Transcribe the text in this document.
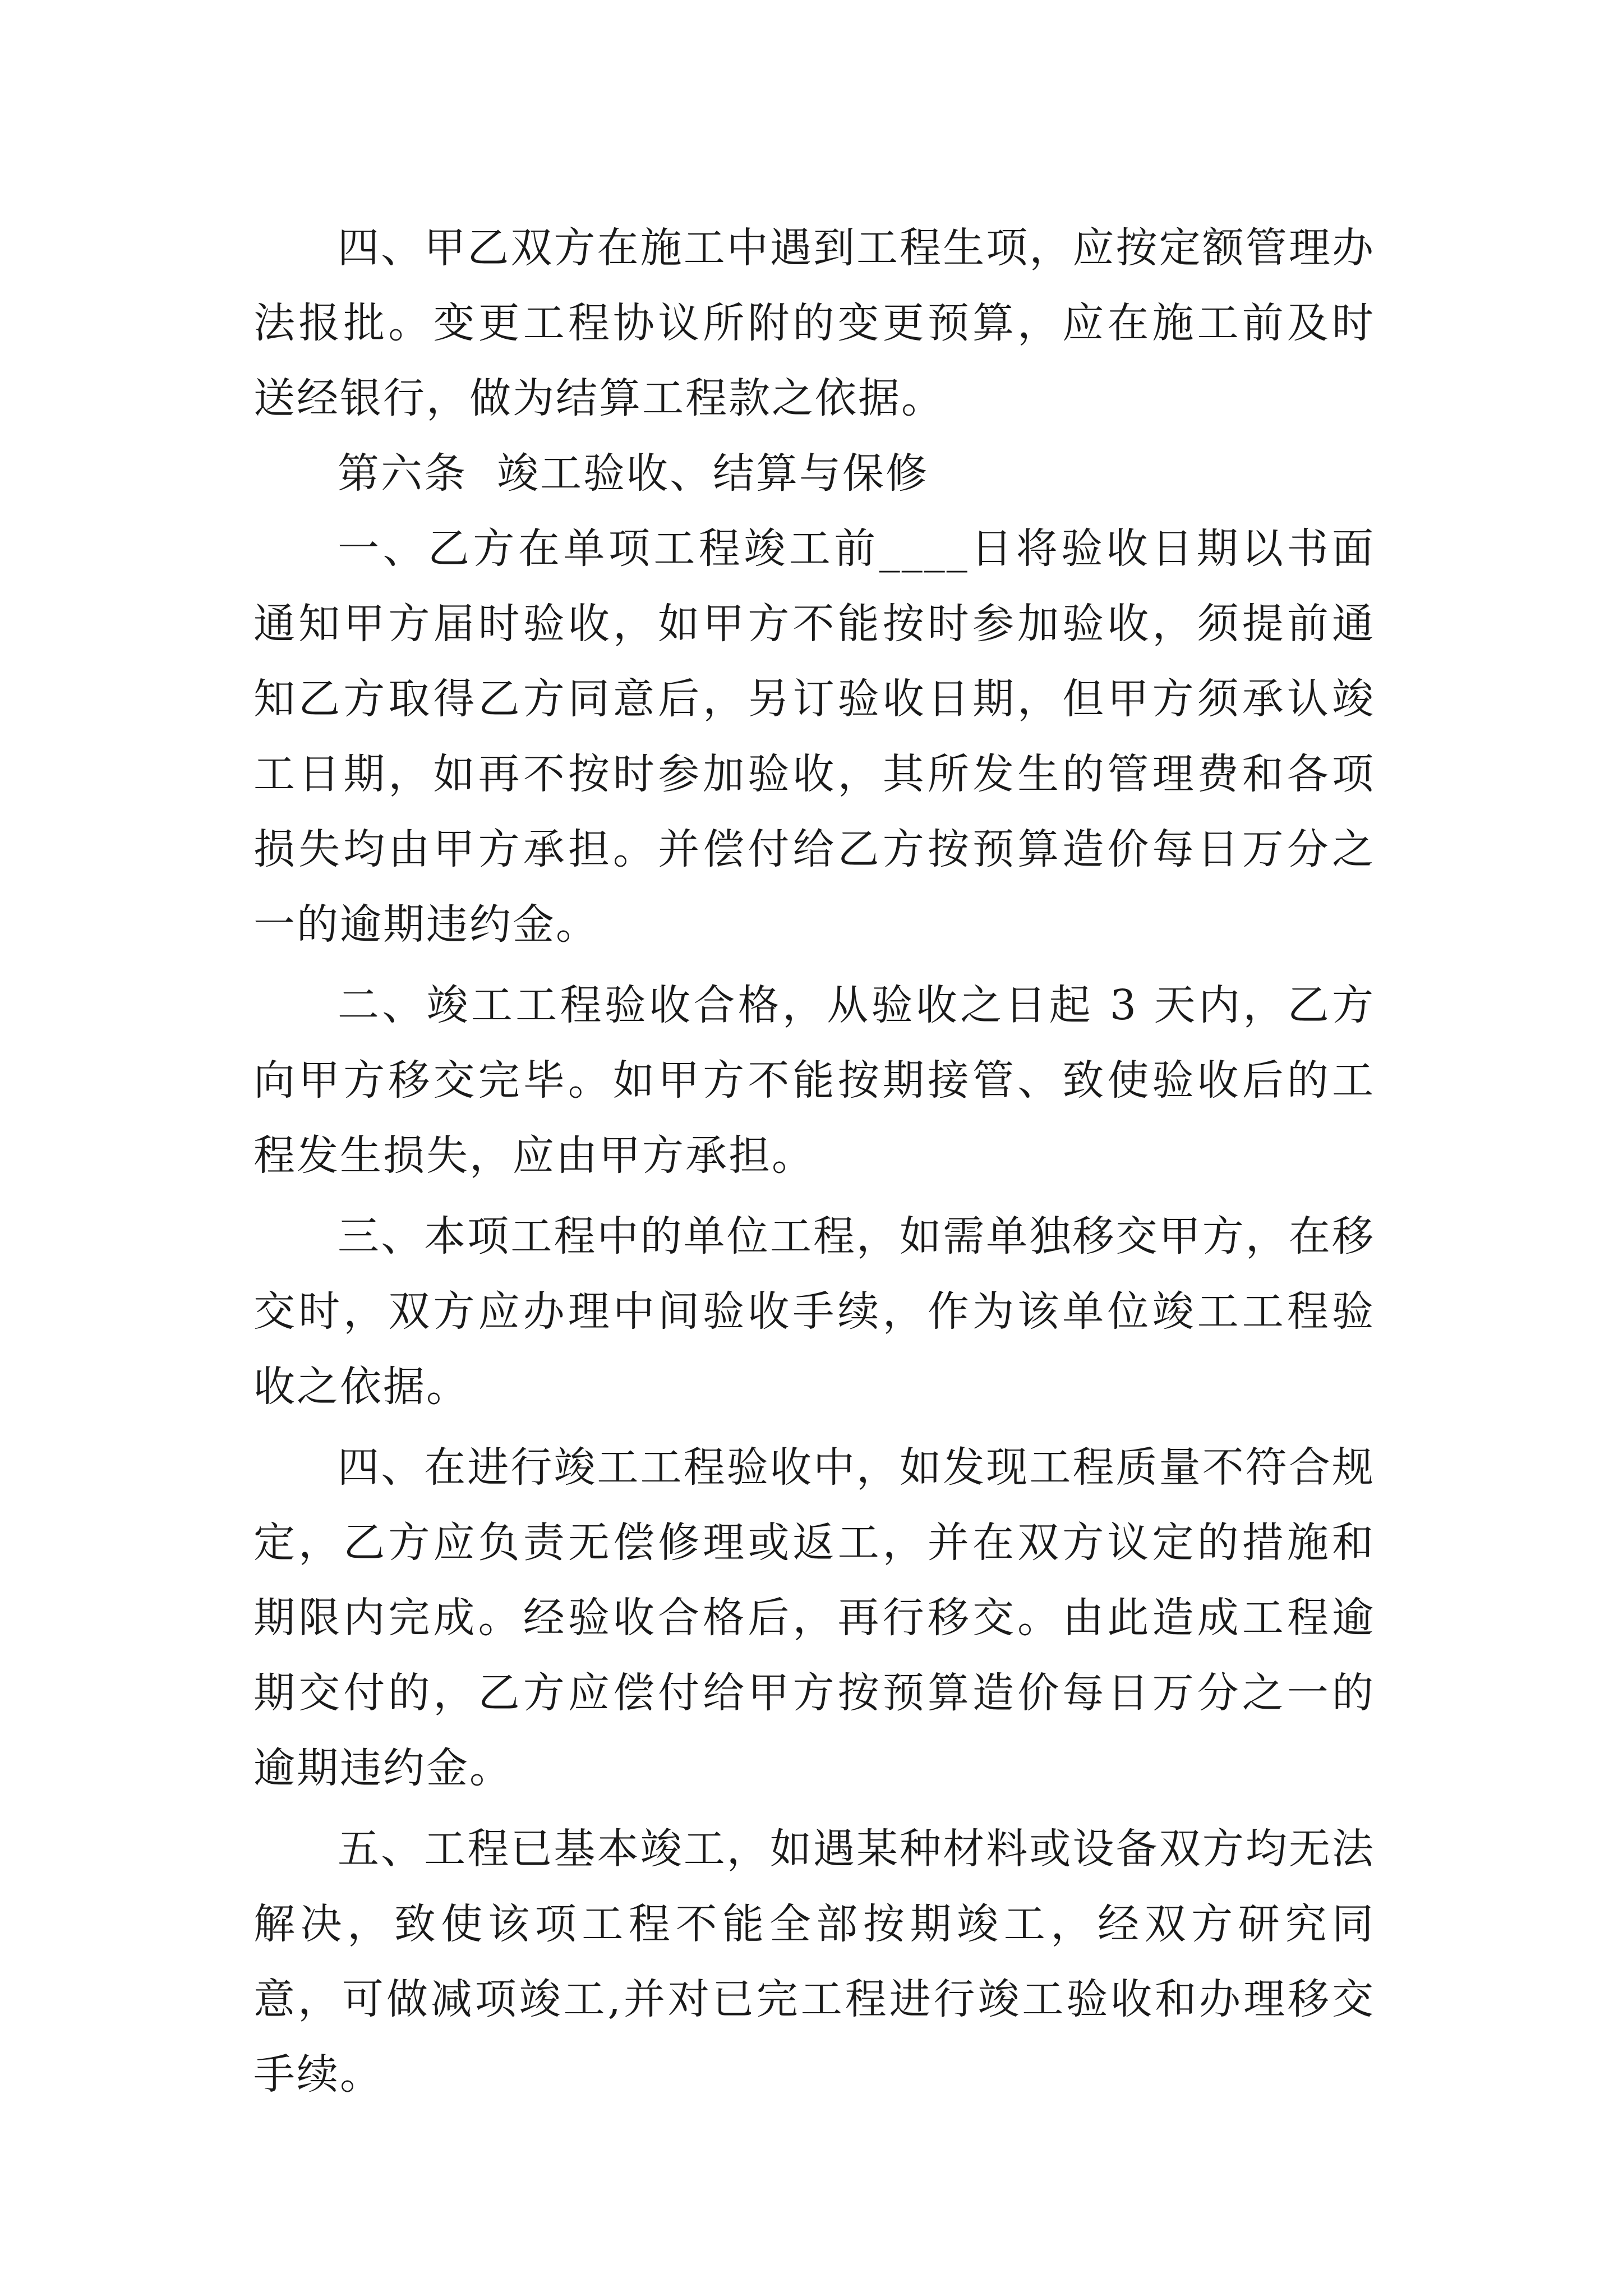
四、甲乙双方在施工中遇到工程生项，应按定额管理办法报批。变更工程协议所附的变更预算，应在施工前及时送经银行，做为结算工程款之依据。

第六条  竣工验收、结算与保修

一、乙方在单项工程竣工前____日将验收日期以书面通知甲方届时验收，如甲方不能按时参加验收，须提前通知乙方取得乙方同意后，另订验收日期，但甲方须承认竣工日期，如再不按时参加验收，其所发生的管理费和各项损失均由甲方承担。并偿付给乙方按预算造价每日万分之一的逾期违约金。

二、竣工工程验收合格，从验收之日起 3 天内，乙方向甲方移交完毕。如甲方不能按期接管、致使验收后的工程发生损失，应由甲方承担。

三、本项工程中的单位工程，如需单独移交甲方，在移交时，双方应办理中间验收手续，作为该单位竣工工程验收之依据。

四、在进行竣工工程验收中，如发现工程质量不符合规定，乙方应负责无偿修理或返工，并在双方议定的措施和期限内完成。经验收合格后，再行移交。由此造成工程逾期交付的，乙方应偿付给甲方按预算造价每日万分之一的逾期违约金。

五、工程已基本竣工，如遇某种材料或设备双方均无法解决，致使该项工程不能全部按期竣工，经双方研究同意，可做减项竣工,并对已完工程进行竣工验收和办理移交手续。
